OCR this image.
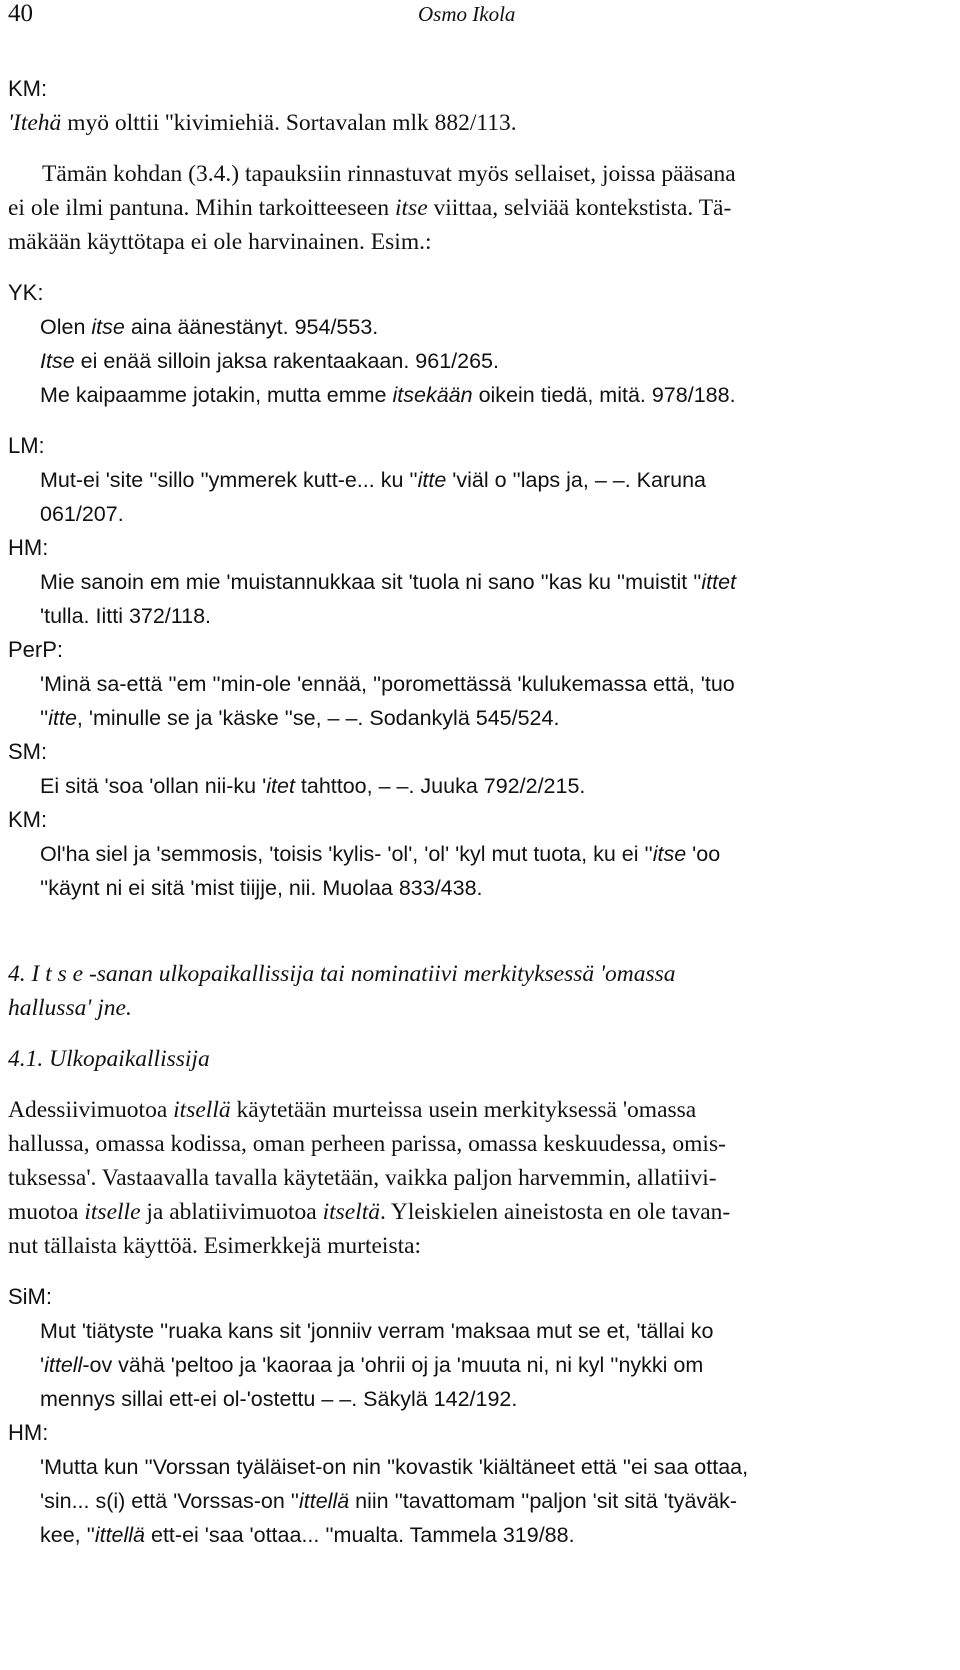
40	Osmo Ikola
KM:
'Itehä myö olttii ''kivimiehiä. Sortavalan mlk 882/113.
Tämän kohdan (3.4.) tapauksiin rinnastuvat myös sellaiset, joissa pääsana
ei ole ilmi pantuna. Mihin tarkoitteeseen itse viittaa, selviää kontekstista. Tä-
mäkään käyttötapa ei ole harvinainen. Esim.:
YK:
Olen itse aina äänestänyt. 954/553.
Itse ei enää silloin jaksa rakentaakaan. 961/265.
Me kaipaamme jotakin, mutta emme itsekään oikein tiedä, mitä. 978/188.
LM:
Mut-ei 'site ''sillo ''ymmerek kutt-e... ku ''itte 'viäl o ''laps ja, – –. Karuna
061/207.
HM:
Mie sanoin em mie 'muistannukkaa sit 'tuola ni sano ''kas ku ''muistit ''ittet
'tulla. Iitti 372/118.
PerP:
'Minä sa-että ''em ''min-ole 'ennää, ''poromettässä 'kulukemassa että, 'tuo
''itte, 'minulle se ja 'käske ''se, – –. Sodankylä 545/524.
SM:
Ei sitä 'soa 'ollan nii-ku 'itet tahttoo, – –. Juuka 792/2/215.
KM:
Ol'ha siel ja 'semmosis, 'toisis 'kylis- 'ol', 'ol' 'kyl mut tuota, ku ei ''itse 'oo
''käynt ni ei sitä 'mist tiijje, nii. Muolaa 833/438.
4. I t s e -sanan ulkopaikallissija tai nominatiivi merkityksessä 'omassa
hallussa' jne.
4.1. Ulkopaikallissija
Adessiivimuotoa itsellä käytetään murteissa usein merkityksessä 'omassa
hallussa, omassa kodissa, oman perheen parissa, omassa keskuudessa, omis-
tuksessa'. Vastaavalla tavalla käytetään, vaikka paljon harvemmin, allatiivi-
muotoa itselle ja ablatiivimuotoa itseltä. Yleiskielen aineistosta en ole tavan-
nut tällaista käyttöä. Esimerkkejä murteista:
SiM:
Mut 'tiätyste ''ruaka kans sit 'jonniiv verram 'maksaa mut se et, 'tällai ko
'ittell-ov vähä 'peltoo ja 'kaoraa ja 'ohrii oj ja 'muuta ni, ni kyl ''nykki om
mennys sillai ett-ei ol-'ostettu – –. Säkylä 142/192.
HM:
'Mutta kun ''Vorssan tyäläiset-on nin ''kovastik 'kiältäneet että ''ei saa ottaa,
'sin... s(i) että 'Vorssas-on ''ittellä niin ''tavattomam ''paljon 'sit sitä 'tyäväk-
kee, ''ittellä ett-ei 'saa 'ottaa... ''mualta. Tammela 319/88.
